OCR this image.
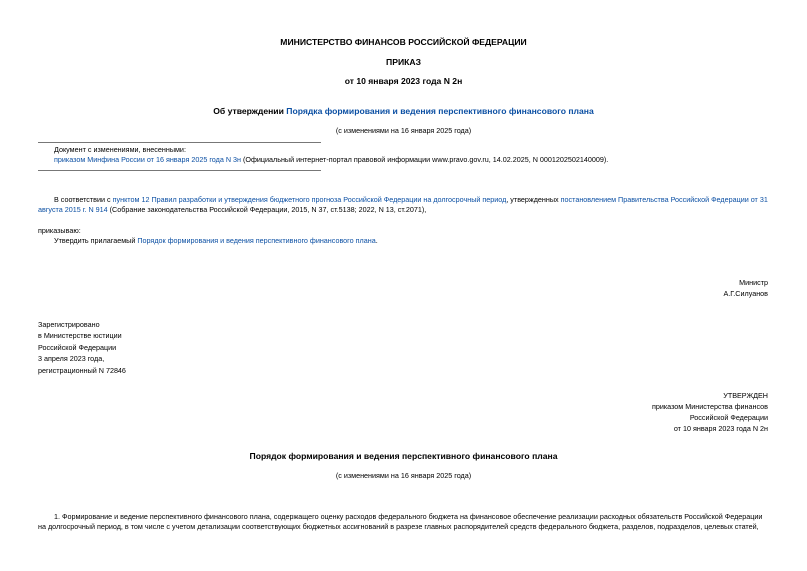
МИНИСТЕРСТВО ФИНАНСОВ РОССИЙСКОЙ ФЕДЕРАЦИИ
ПРИКАЗ
от 10 января 2023 года N 2н
Об утверждении Порядка формирования и ведения перспективного финансового плана
(с изменениями на 16 января 2025 года)
Документ с изменениями, внесенными:
приказом Минфина России от 16 января 2025 года N 3н (Официальный интернет-портал правовой информации www.pravo.gov.ru, 14.02.2025, N 0001202502140009).
В соответствии с пунктом 12 Правил разработки и утверждения бюджетного прогноза Российской Федерации на долгосрочный период, утвержденных постановлением Правительства Российской Федерации от 31
августа 2015 г. N 914 (Собрание законодательства Российской Федерации, 2015, N 37, ст.5138; 2022, N 13, ст.2071),
приказываю:
Утвердить прилагаемый Порядок формирования и ведения перспективного финансового плана.
Министр
А.Г.Силуанов
Зарегистрировано
в Министерстве юстиции
Российской Федерации
3 апреля 2023 года,
регистрационный N 72846
УТВЕРЖДЕН
приказом Министерства финансов
Российской Федерации
от 10 января 2023 года N 2н
Порядок формирования и ведения перспективного финансового плана
(с изменениями на 16 января 2025 года)
1. Формирование и ведение перспективного финансового плана, содержащего оценку расходов федерального бюджета на финансовое обеспечение реализации расходных обязательств Российской Федерации
на долгосрочный период, в том числе с учетом детализации соответствующих бюджетных ассигнований в разрезе главных распорядителей средств федерального бюджета, разделов, подразделов, целевых статей,
